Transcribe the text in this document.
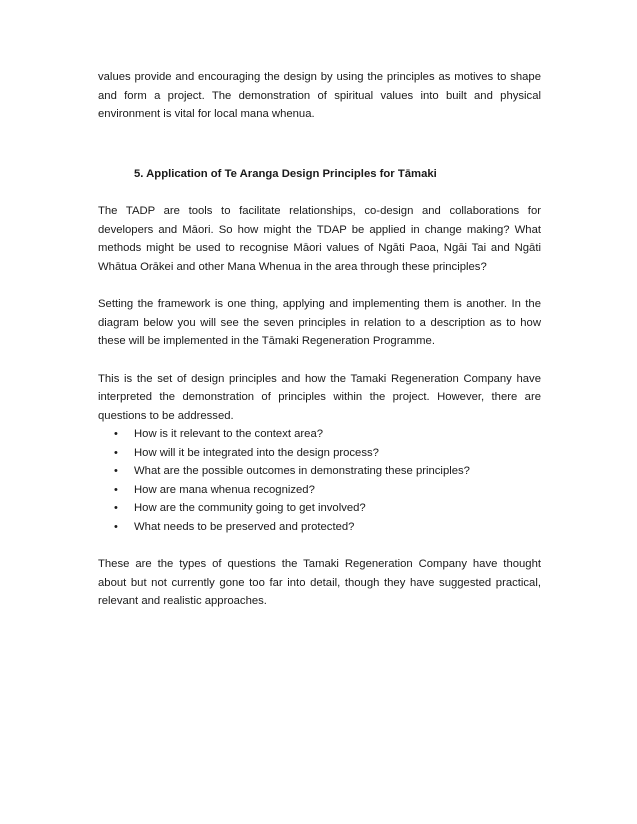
values provide and encouraging the design by using the principles as motives to shape and form a project. The demonstration of spiritual values into built and physical environment is vital for local mana whenua.

5. Application of Te Aranga Design Principles for Tāmaki

The TADP are tools to facilitate relationships, co-design and collaborations for developers and Māori. So how might the TDAP be applied in change making? What methods might be used to recognise Māori values of Ngāti Paoa, Ngāi Tai and Ngāti Whātua Orākei and other Mana Whenua in the area through these principles?

Setting the framework is one thing, applying and implementing them is another. In the diagram below you will see the seven principles in relation to a description as to how these will be implemented in the Tāmaki Regeneration Programme.

This is the set of design principles and how the Tamaki Regeneration Company have interpreted the demonstration of principles within the project. However, there are questions to be addressed.

• How is it relevant to the context area?
• How will it be integrated into the design process?
• What are the possible outcomes in demonstrating these principles?
• How are mana whenua recognized?
• How are the community going to get involved?
• What needs to be preserved and protected?

These are the types of questions the Tamaki Regeneration Company have thought about but not currently gone too far into detail, though they have suggested practical, relevant and realistic approaches.
